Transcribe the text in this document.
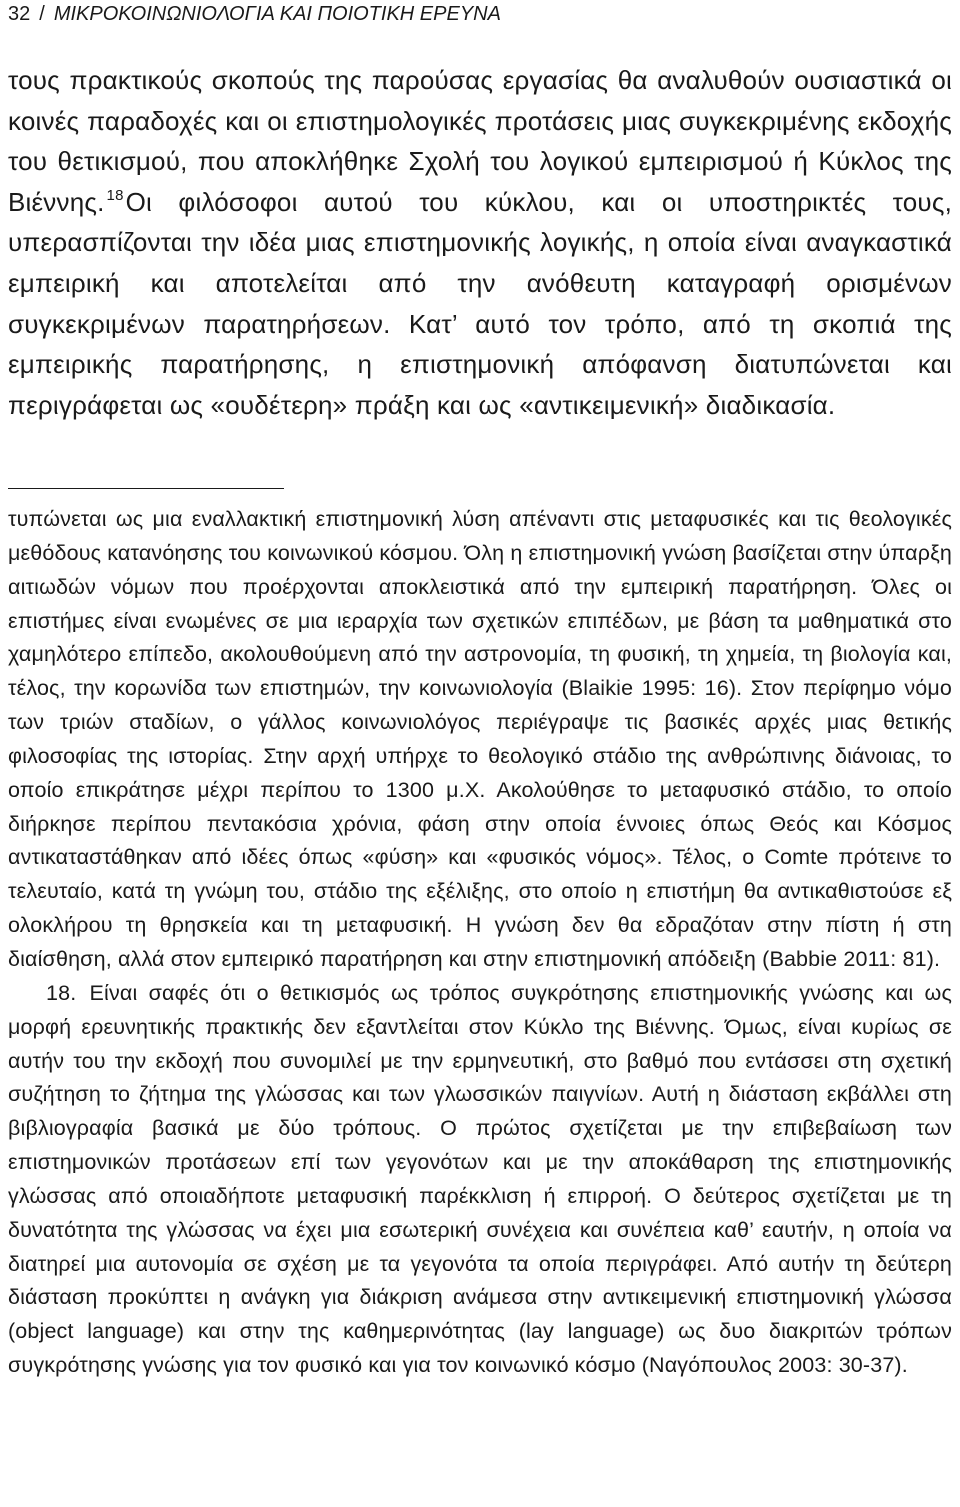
32 / ΜΙΚΡΟΚΟΙΝΩΝΙΟΛΟΓΙΑ ΚΑΙ ΠΟΙΟΤΙΚΗ ΕΡΕΥΝΑ

τους πρακτικούς σκοπούς της παρούσας εργασίας θα αναλυθούν ουσιαστικά οι κοινές παραδοχές και οι επιστημολογικές προτάσεις μιας συγκεκριμένης εκδοχής του θετικισμού, που αποκλήθηκε Σχολή του λογικού εμπειρισμού ή Κύκλος της Βιέννης. $^{18}$Οι φιλόσοφοι αυτού του κύκλου, και οι υποστηρικτές τους, υπερασπίζονται την ιδέα μιας επιστημονικής λογικής, η οποία είναι αναγκαστικά εμπειρική και αποτελείται από την ανόθευτη καταγραφή ορισμένων συγκεκριμένων παρατηρήσεων. Κατ’ αυτό τον τρόπο, από τη σκοπιά της εμπειρικής παρατήρησης, η επιστημονική απόφανση διατυπώνεται και περιγράφεται ως «ουδέτερη» πράξη και ως «αντικειμενική» διαδικασία.

τυπώνεται ως μια εναλλακτική επιστημονική λύση απέναντι στις μεταφυσικές και τις θεολογικές μεθόδους κατανόησης του κοινωνικού κόσμου. Όλη η επιστημονική γνώση βασίζεται στην ύπαρξη αιτιωδών νόμων που προέρχονται αποκλειστικά από την εμπειρική παρατήρηση. Όλες οι επιστήμες είναι ενωμένες σε μια ιεραρχία των σχετικών επιπέδων, με βάση τα μαθηματικά στο χαμηλότερο επίπεδο, ακολουθούμενη από την αστρονομία, τη φυσική, τη χημεία, τη βιολογία και, τέλος, την κορωνίδα των επιστημών, την κοινωνιολογία (Blaikie 1995: 16). Στον περίφημο νόμο των τριών σταδίων, ο γάλλος κοινωνιολόγος περιέγραψε τις βασικές αρχές μιας θετικής φιλοσοφίας της ιστορίας. Στην αρχή υπήρχε το θεολογικό στάδιο της ανθρώπινης διάνοιας, το οποίο επικράτησε μέχρι περίπου το 1300 μ.Χ. Ακολούθησε το μεταφυσικό στάδιο, το οποίο διήρκησε περίπου πεντακόσια χρόνια, φάση στην οποία έννοιες όπως Θεός και Κόσμος αντικαταστάθηκαν από ιδέες όπως «φύση» και «φυσικός νόμος». Τέλος, ο Comte πρότεινε το τελευταίο, κατά τη γνώμη του, στάδιο της εξέλιξης, στο οποίο η επιστήμη θα αντικαθιστούσε εξ ολοκλήρου τη θρησκεία και τη μεταφυσική. Η γνώση δεν θα εδραζόταν στην πίστη ή στη διαίσθηση, αλλά στον εμπειρικό παρατήρηση και στην επιστημονική απόδειξη (Babbie 2011: 81).

18. Είναι σαφές ότι ο θετικισμός ως τρόπος συγκρότησης επιστημονικής γνώσης και ως μορφή ερευνητικής πρακτικής δεν εξαντλείται στον Κύκλο της Βιέννης. Όμως, είναι κυρίως σε αυτήν του την εκδοχή που συνομιλεί με την ερμηνευτική, στο βαθμό που εντάσσει στη σχετική συζήτηση το ζήτημα της γλώσσας και των γλωσσικών παιγνίων. Αυτή η διάσταση εκβάλλει στη βιβλιογραφία βασικά με δύο τρόπους. Ο πρώτος σχετίζεται με την επιβεβαίωση των επιστημονικών προτάσεων επί των γεγονότων και με την αποκάθαρση της επιστημονικής γλώσσας από οποιαδήποτε μεταφυσική παρέκκλιση ή επιρροή. Ο δεύτερος σχετίζεται με τη δυνατότητα της γλώσσας να έχει μια εσωτερική συνέχεια και συνέπεια καθ’ εαυτήν, η οποία να διατηρεί μια αυτονομία σε σχέση με τα γεγονότα τα οποία περιγράφει. Από αυτήν τη δεύτερη διάσταση προκύπτει η ανάγκη για διάκριση ανάμεσα στην αντικειμενική επιστημονική γλώσσα (object language) και στην της καθημερινότητας (lay language) ως δυο διακριτών τρόπων συγκρότησης γνώσης για τον φυσικό και για τον κοινωνικό κόσμο (Ναγόπουλος 2003: 30-37).
